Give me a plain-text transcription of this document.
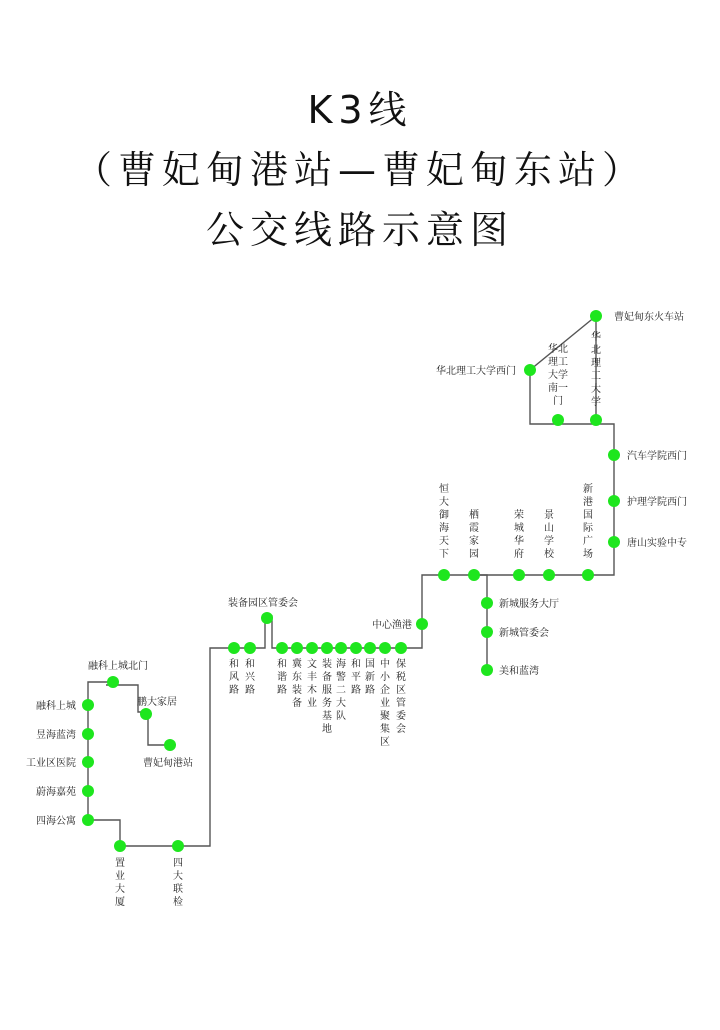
K3线
（曹妃甸港站—曹妃甸东站）
公交线路示意图
曹妃甸港站
鹏大家居
融科上城北门
融科上城
昱海蓝湾
工业区医院
蔚海嘉苑
四海公寓
置业大厦
四大联检
和风路
和兴路
装备园区管委会
和谐路
冀东装备
文丰木业
装备服务基地
海警二大队
和平路
国新路
中小企业聚集区
保税区管委会
中心渔港
恒大御海天下
栖霞家园
新城服务大厅
新城管委会
美和蓝湾
荣城华府
景山学校
新港国际广场
唐山实验中专
护理学院西门
汽车学院西门
华北理工大学
华北理工大学南一门
华北理工大学西门
曹妃甸东火车站
